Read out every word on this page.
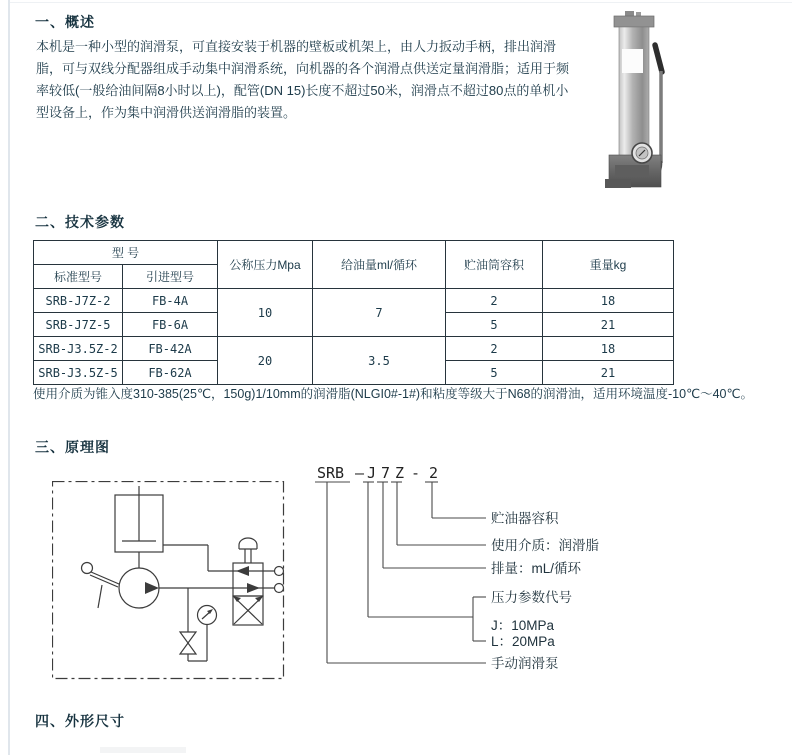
一、概述
本机是一种小型的润滑泵，可直接安装于机器的壁板或机架上，由人力扳动手柄，排出润滑
脂，可与双线分配器组成手动集中润滑系统，向机器的各个润滑点供送定量润滑脂；适用于频
率较低(一般给油间隔8小时以上)，配管(DN 15)长度不超过50米，润滑点不超过80点的单机小
型设备上，作为集中润滑供送润滑脂的装置。
二、技术参数
型 号		公称压力Mpa	给油量ml/循环	贮油筒容积	重量kg
标准型号	引进型号				
SRB-J7Z-2	FB-4A	10	7	2	18
SRB-J7Z-5	FB-6A			5	21
SRB-J3.5Z-2	FB-42A	20	3.5	2	18
SRB-J3.5Z-5	FB-62A			5	21
使用介质为锥入度310-385(25℃，150g)1/10mm的润滑脂(NLGI0#-1#)和粘度等级大于N68的润滑油，适用环境温度-10℃～40℃。
三、原理图
SRB – J 7 Z - 2
贮油器容积
使用介质：润滑脂
排量：mL/循环
压力参数代号
J：10MPa
L：20MPa
手动润滑泵
四、外形尺寸
